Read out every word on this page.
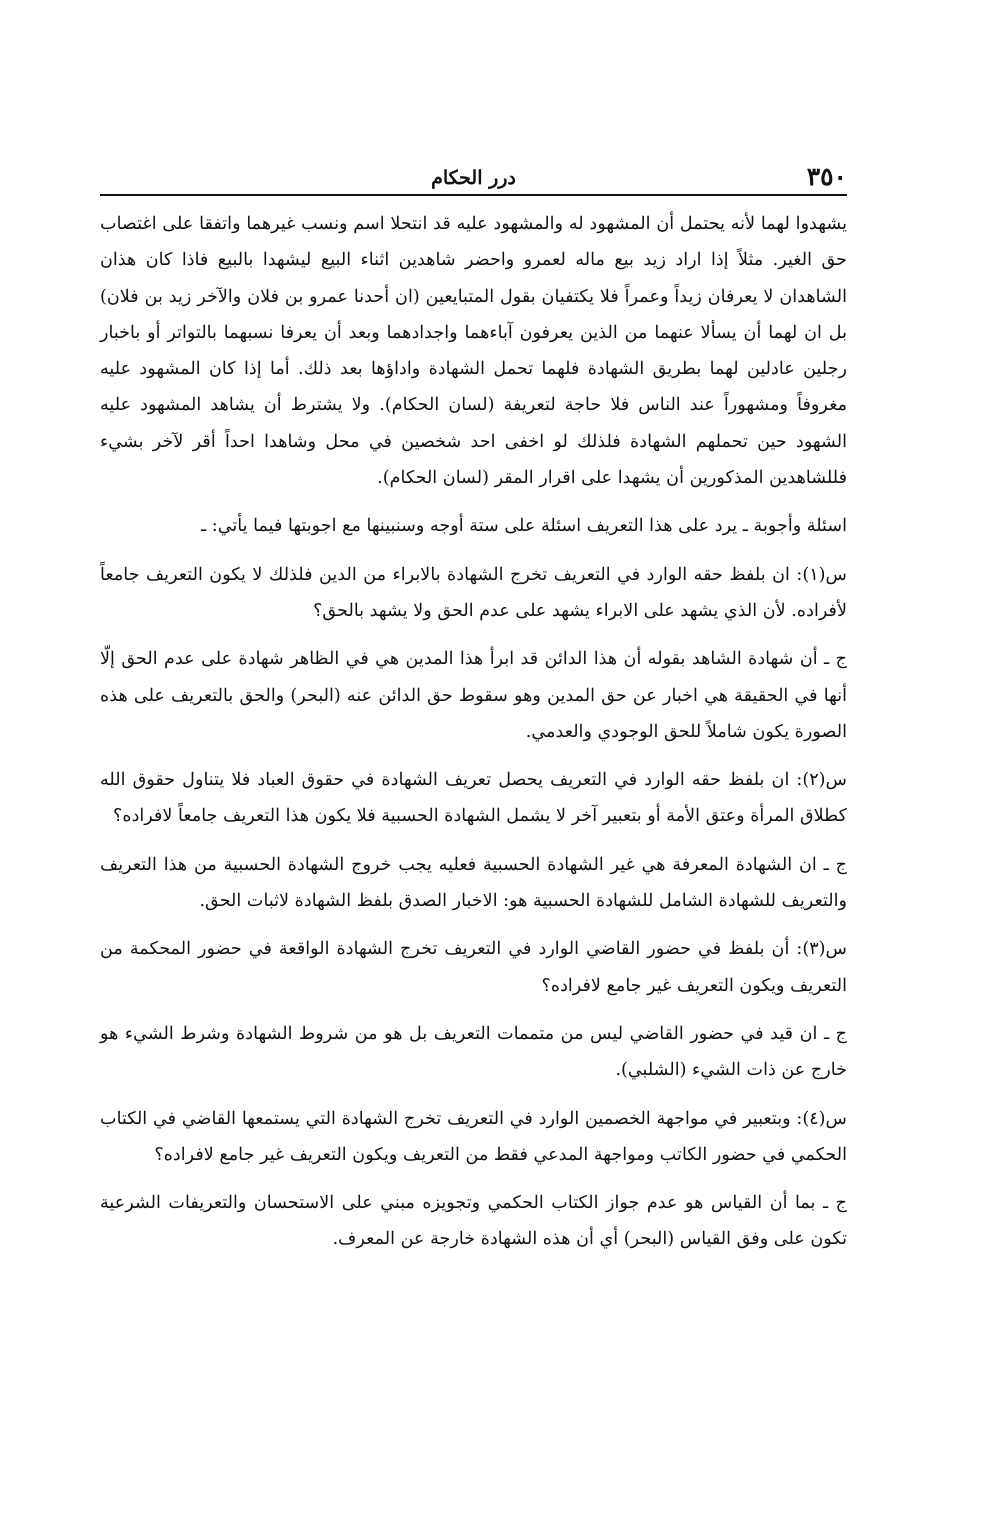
٣٥٠
درر الحكام

يشهدوا لهما لأنه يحتمل أن المشهود له والمشهود عليه قد انتحلا اسم ونسب غيرهما واتفقا على اغتصاب حق الغير. مثلاً إذا اراد زيد بيع ماله لعمرو واحضر شاهدين اثناء البيع ليشهدا بالبيع فاذا كان هذان الشاهدان لا يعرفان زيداً وعمراً فلا يكتفيان بقول المتبايعين (ان أحدنا عمرو بن فلان والآخر زيد بن فلان) بل ان لهما أن يسألا عنهما من الذين يعرفون آباءهما واجدادهما وبعد أن يعرفا نسبهما بالتواتر أو باخبار رجلين عادلين لهما بطريق الشهادة فلهما تحمل الشهادة واداؤها بعد ذلك. أما إذا كان المشهود عليه مغروفاً ومشهوراً عند الناس فلا حاجة لتعريفة (لسان الحكام). ولا يشترط أن يشاهد المشهود عليه الشهود حين تحملهم الشهادة فلذلك لو اخفى احد شخصين في محل وشاهدا احداً أقر لآخر بشيء فللشاهدين المذكورين أن يشهدا على اقرار المقر (لسان الحكام).

اسئلة وأجوبة ـ يرد على هذا التعريف اسئلة على ستة أوجه وسنبينها مع اجوبتها فيما يأتي: ـ

س(١): ان بلفظ حقه الوارد في التعريف تخرج الشهادة بالابراء من الدين فلذلك لا يكون التعريف جامعاً لأفراده. لأن الذي يشهد على الابراء يشهد على عدم الحق ولا يشهد بالحق؟

ج ـ أن شهادة الشاهد بقوله أن هذا الدائن قد ابرأ هذا المدين هي في الظاهر شهادة على عدم الحق إلّا أنها في الحقيقة هي اخبار عن حق المدين وهو سقوط حق الدائن عنه (البحر) والحق بالتعريف على هذه الصورة يكون شاملاً للحق الوجودي والعدمي.

س(٢): ان بلفظ حقه الوارد في التعريف يحصل تعريف الشهادة في حقوق العباد فلا يتناول حقوق الله كطلاق المرأة وعتق الأمة أو بتعبير آخر لا يشمل الشهادة الحسبية فلا يكون هذا التعريف جامعاً لافراده؟

ج ـ ان الشهادة المعرفة هي غير الشهادة الحسبية فعليه يجب خروج الشهادة الحسبية من هذا التعريف والتعريف للشهادة الشامل للشهادة الحسبية هو: الاخبار الصدق بلفظ الشهادة لاثبات الحق.

س(٣): أن بلفظ في حضور القاضي الوارد في التعريف تخرج الشهادة الواقعة في حضور المحكمة من التعريف ويكون التعريف غير جامع لافراده؟

ج ـ ان قيد في حضور القاضي ليس من متممات التعريف بل هو من شروط الشهادة وشرط الشيء هو خارج عن ذات الشيء (الشلبي).

س(٤): وبتعبير في مواجهة الخصمين الوارد في التعريف تخرج الشهادة التي يستمعها القاضي في الكتاب الحكمي في حضور الكاتب ومواجهة المدعي فقط من التعريف ويكون التعريف غير جامع لافراده؟

ج ـ بما أن القياس هو عدم جواز الكتاب الحكمي وتجويزه مبني على الاستحسان والتعريفات الشرعية تكون على وفق القياس (البحر) أي أن هذه الشهادة خارجة عن المعرف.
